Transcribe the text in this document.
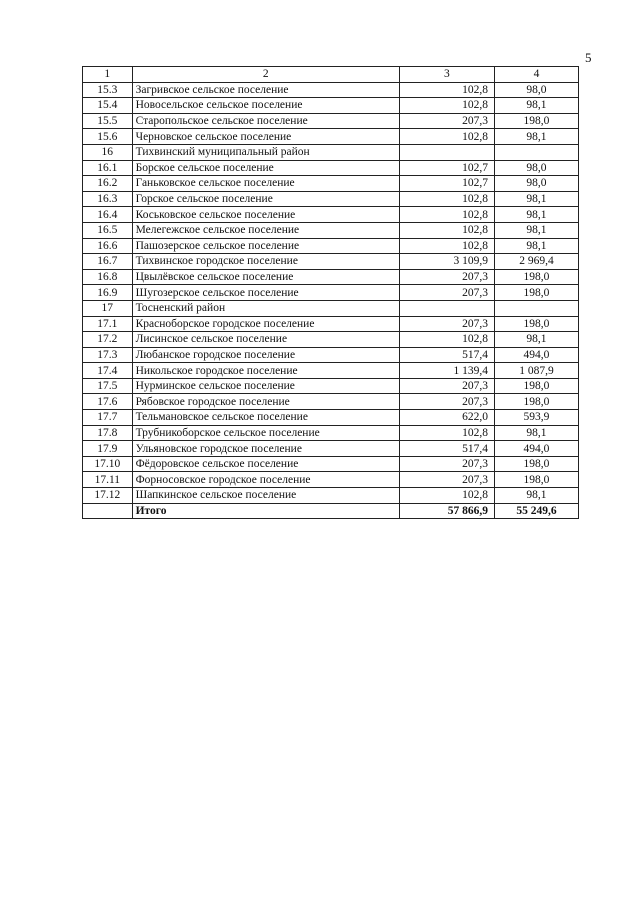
5
1	2	3	4
15.3	Загривское сельское поселение	102,8	98,0
15.4	Новосельское сельское поселение	102,8	98,1
15.5	Старопольское сельское поселение	207,3	198,0
15.6	Черновское сельское поселение	102,8	98,1
16	Тихвинский муниципальный район		
16.1	Борское сельское поселение	102,7	98,0
16.2	Ганьковское сельское поселение	102,7	98,0
16.3	Горское сельское поселение	102,8	98,1
16.4	Коськовское сельское поселение	102,8	98,1
16.5	Мелегежское сельское поселение	102,8	98,1
16.6	Пашозерское сельское поселение	102,8	98,1
16.7	Тихвинское городское поселение	3 109,9	2 969,4
16.8	Цвылёвское сельское поселение	207,3	198,0
16.9	Шугозерское сельское поселение	207,3	198,0
17	Тосненский район		
17.1	Красноборское городское поселение	207,3	198,0
17.2	Лисинское сельское поселение	102,8	98,1
17.3	Любанское городское поселение	517,4	494,0
17.4	Никольское городское поселение	1 139,4	1 087,9
17.5	Нурминское сельское поселение	207,3	198,0
17.6	Рябовское городское поселение	207,3	198,0
17.7	Тельмановское сельское поселение	622,0	593,9
17.8	Трубникоборское сельское поселение	102,8	98,1
17.9	Ульяновское городское поселение	517,4	494,0
17.10	Фёдоровское сельское поселение	207,3	198,0
17.11	Форносовское городское поселение	207,3	198,0
17.12	Шапкинское сельское поселение	102,8	98,1
	Итого	57 866,9	55 249,6
